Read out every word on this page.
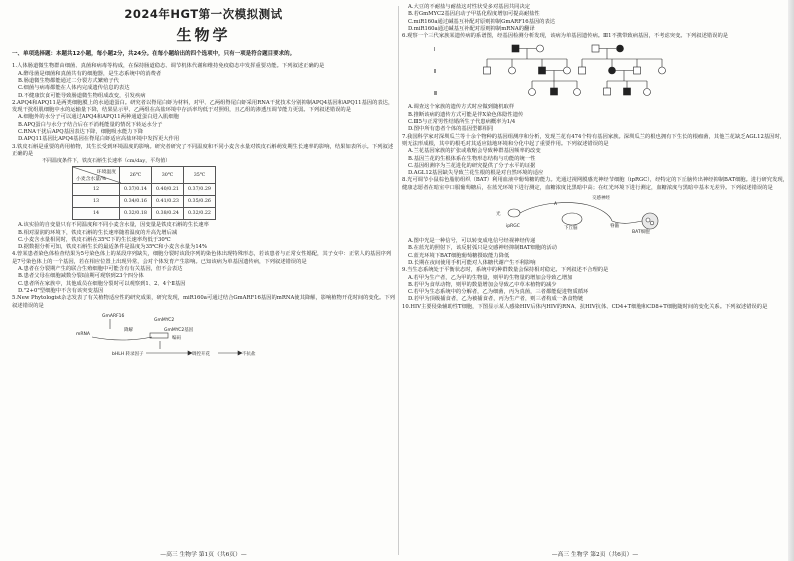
2024年HGT第一次模拟测试
生物学

一、单项选择题：本题共12小题，每小题2分，共24分。在每小题给出的四个选项中，只有一项是符合题目要求的。

1.人体肠道微生物群由细菌、真菌和病毒等构成，在保持肠道稳态、调节机体代谢和维持免疫稳态中发挥重要功能。下列叙述正确的是

A.酵母菌是细菌和真菌共有的细胞器，是生态系统中的消费者

B.肠道微生物都能通过二分裂方式繁殖子代

C.细菌与病毒都能在人体内完成遗传信息的表达

D.不健康饮食可能导致肠道微生物组成改变，引发疾病

2.APQ4和APQ11是两类细胞膜上的水通道蛋白。研究者以脊尾白虾为材料，对甲、乙两组脊尾白虾采用RNA干扰技术分别抑制APQ4基因和APQ11基因的表达，发现干扰组肌细胞中水的运输量下降，结果显示甲、乙两组在高盐环境中存活率均低于对照组，且乙组的渗透压调节能力更弱。下列叙述错误的是

A.细胞外的水分子可以通过APQ4和APQ11两种通道蛋白进入肌细胞

B.APQ蛋白与水分子结合后在不消耗能量的情况下转运水分子

C.RNA干扰后APQ基因表达下降，细胞吸水能力下降

D.APQ11基因比APQ4基因在脊尾白虾适应高盐环境中发挥更大作用

3.铁皮石斛是重要的药用植物，其生长受到环境温度的影响。研究者研究了不同温度和不同小麦含水量对铁皮石斛萌发期生长速率的影响，结果如表所示。下列叙述正确的是

不同温度条件下，铁皮石斛生长速率（cm/day，平均值）
环境温度
小麦含水量/%	26℃	30℃	35℃
12	0.37/0.14	0.40/0.21	0.37/0.29
13	0.34/0.16	0.41/0.23	0.35/0.26
14	0.32/0.18	0.38/0.24	0.32/0.22

A.该实验的自变量只有不同温度和不同小麦含水量，因变量是铁皮石斛的生长速率

B.相对湿润的环境下，铁皮石斛的生长速率随着温度的升高先增后减

C.小麦含水量相同时，铁皮石斛在35℃下的生长速率均低于30℃

D.据数据分析可知，铁皮石斛生长的最适条件是温度为35℃和小麦含水量为14%

4.曾某患者染色体检查结果为5号染色体上的某段序列缺失，细胞分裂时该段序列的染色体出现特殊形态，若该患者与正常女性婚配，其子女中：正常人的基因序列是7号染色体上的一个基因，若在相应位置上出现异常，会对个体发育产生影响。已知该病为单基因遗传病，下列叙述错误的是

A.患者在分裂期产生的联合生殖细胞中可能含有有关基因，但不会表达

B.患者父母在细胞减数分裂I前期可观察到23个四分体

C.患者所在家族中，其他成员在细胞分裂时可以观察到1、2、4个Ⅱ基因

D."2+0"型细胞中不含有该突变基因

5.New Phytologist杂志发表了有关植物适应性的研究成果，研究发现，miR160a可通过结合GmARF16基因的mRNA使其降解，影响植物开花时间的变化。下列叙述错误的是

GmARF16
mRNA
GmMYC2
降解
编码
bHLH 转录因子
GmMYC2基因
调控开花	不抗盐
—高三 生物学 第1页（共6页）—

A.大豆的不耐盐与耐盐这对性状受多对基因共同决定

B.若GmMYC2基因启动子甲基化程度增加可提高耐盐性

C.miR160a通过碱基互补配对原则抑制GmARF16基因的表达

D.miR160a通过碱基互补配对原则抑制mRNA的翻译

6.观察一个三代家族某遗传病的系谱图，经基因检测分析发现，该病为单基因遗传病。Ⅲ1不携带致病基因，不考虑突变。下列叙述错误的是

Ⅰ
Ⅱ
Ⅲ

A.调查这个家族的遗传方式时应做到随机取样

B.推断该病的遗传方式可能是伴X染色体隐性遗传

C.Ⅲ5与正常男性结婚所生子代患病概率为1/4

D.图中所有患者个体的基因型都相同

7.我国科学家对深圳瓜兰等十余个物种的基因组测序和分析，发现兰花有474个特有基因家族。深圳瓜兰的根也拥有下生长的根瘤菌，其他兰花缺乏AGL12基因时，则无法形成根，其中的根毛对其适应陆地环境和分化中起了重要作用。下列叙述错误的是

A.兰花基因家族的扩张或收缩会导致种群基因频率的改变

B.基因兰花的生根体系在生物形态结构与功能的统一性

C.基因组测序为兰花进化的研究提供了分子水平的证据

D.AGL12基因缺失导致兰花生根的根是对自然环境的适应

8.光可调节小鼠棕色脂肪组织（BAT）利用血液中葡萄糖的能力。光通过视网膜感光神经节细胞（ipRGC），经特定的下丘脑传出神经抑制BAT细胞。进行研究发现，健康志愿者在暗室中口服葡萄糖后，在蓝光环境下进行测定，血糖浓度比黑暗中高；在红光环境下进行测定，血糖浓度与黑暗中基本无差异。下列叙述错误的是

光
ipRGC
A
交感神经
下丘脑	脊髓
BAT细胞

A.图中光是一种信号，可以转变成电信号经视神经传递

B.在蓝光的照射下，该反射弧只是交感神经抑制BAT细胞的活动

C.蓝光环境下BAT细胞葡萄糖摄取能力降低

D.长期在夜间使用手机可能对人体糖代谢产生不利影响

9.当生态系统处于平衡状态时，系统中的种群数量会保持相对稳定。下列叙述不合理的是

A.若甲为生产者，乙为甲的生物量，则甲的生物量的增加会导致乙增加

B.若甲为食草动物，则甲的数量增加会导致乙中草本植物的减少

C.若甲为生态系统中的分解者，乙为细菌，丙为真菌，三者都能促进物质循环

D.若甲为顶级捕食者，乙为被捕食者，丙为生产者，则三者构成一条食物链

10.HIV主要侵染辅助性T细胞，下图显示某人感染HIV后体内HIV的RNA、抗HIV抗体、CD4+T细胞和CD8+T细胞随时间的变化关系。下列叙述错误的是

—高三 生物学 第2页（共6页）—
